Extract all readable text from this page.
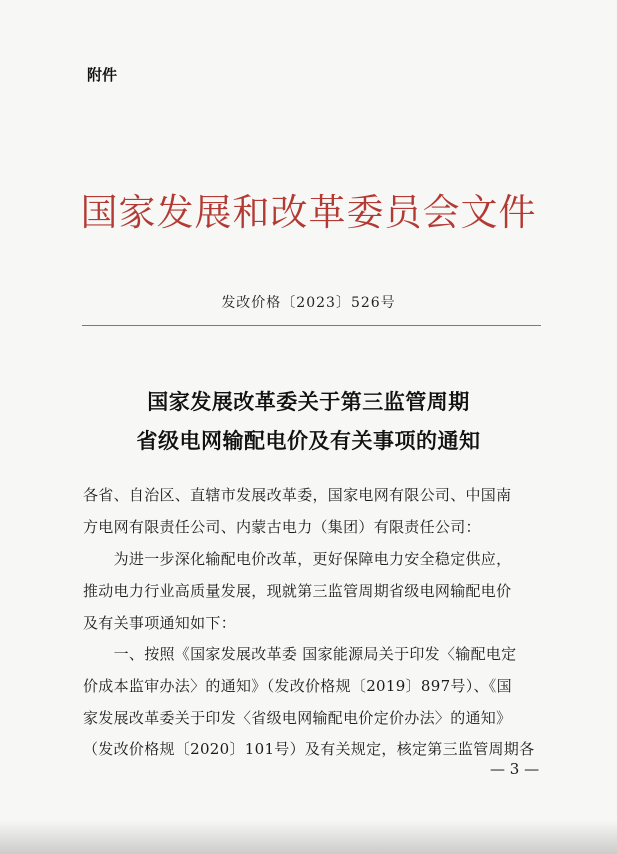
附件
国家发展和改革委员会文件
发改价格〔2023〕526号
国家发展改革委关于第三监管周期
省级电网输配电价及有关事项的通知
各省、自治区、直辖市发展改革委，国家电网有限公司、中国南
方电网有限责任公司、内蒙古电力（集团）有限责任公司：
　　为进一步深化输配电价改革，更好保障电力安全稳定供应，
推动电力行业高质量发展，现就第三监管周期省级电网输配电价
及有关事项通知如下：
　　一、按照《国家发展改革委 国家能源局关于印发〈输配电定
价成本监审办法〉的通知》（发改价格规〔2019〕897号）、《国
家发展改革委关于印发〈省级电网输配电价定价办法〉的通知》
（发改价格规〔2020〕101号）及有关规定，核定第三监管周期各
— 3 —
